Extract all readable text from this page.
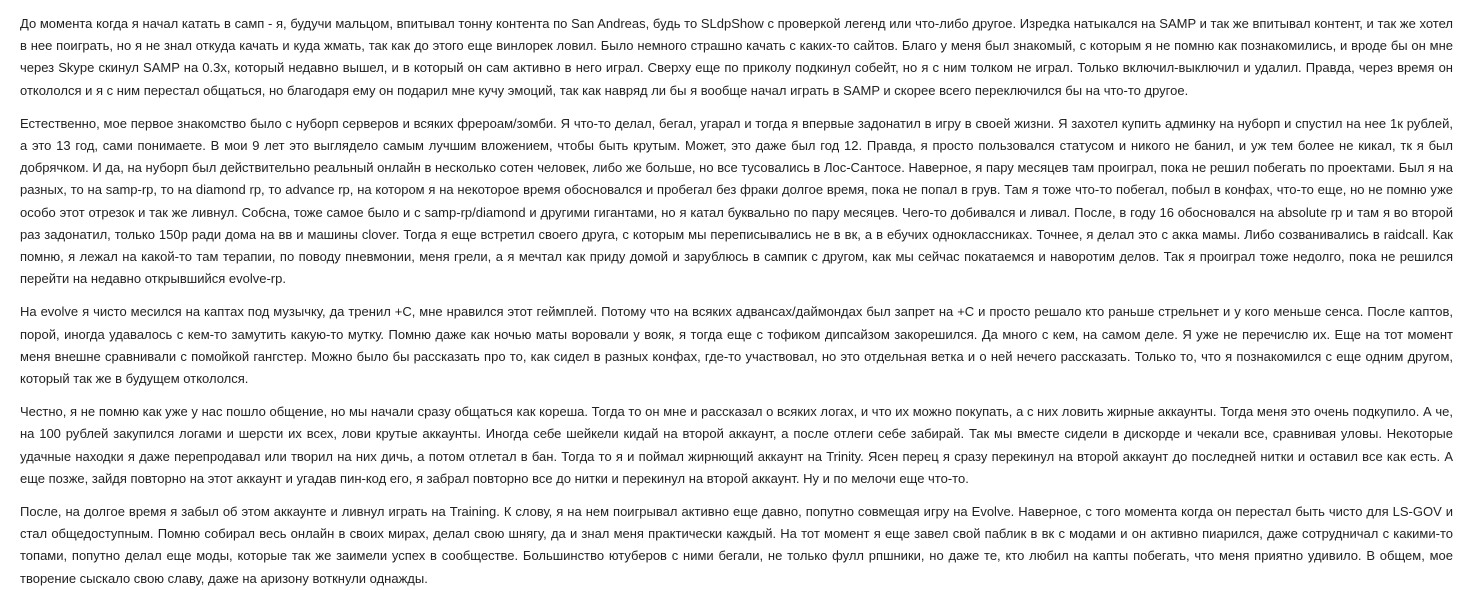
До момента когда я начал катать в самп - я, будучи мальцом, впитывал тонну контента по San Andreas, будь то SLdpShow с проверкой легенд или что-либо другое. Изредка натыкался на SAMP и так же впитывал контент, и так же хотел в нее поиграть, но я не знал откуда качать и куда жмать, так как до этого еще винлорек ловил. Было немного страшно качать с каких-то сайтов. Благо у меня был знакомый, с которым я не помню как познакомились, и вроде бы он мне через Skype скинул SAMP на 0.3x, который недавно вышел, и в который он сам активно в него играл. Сверху еще по приколу подкинул собейт, но я с ним толком не играл. Только включил-выключил и удалил. Правда, через время он откололся и я с ним перестал общаться, но благодаря ему он подарил мне кучу эмоций, так как навряд ли бы я вообще начал играть в SAMP и скорее всего переключился бы на что-то другое.

Естественно, мое первое знакомство было с нуборп серверов и всяких фрероам/зомби. Я что-то делал, бегал, угарал и тогда я впервые задонатил в игру в своей жизни. Я захотел купить админку на нуборп и спустил на нее 1к рублей, а это 13 год, сами понимаете. В мои 9 лет это выглядело самым лучшим вложением, чтобы быть крутым. Может, это даже был год 12. Правда, я просто пользовался статусом и никого не банил, и уж тем более не кикал, тк я был добрячком. И да, на нуборп был действительно реальный онлайн в несколько сотен человек, либо же больше, но все тусовались в Лос-Сантосе. Наверное, я пару месяцев там проиграл, пока не решил побегать по проектами. Был я на разных, то на samp-rp, то на diamond rp, то advance rp, на котором я на некоторое время обосновался и пробегал без фраки долгое время, пока не попал в грув. Там я тоже что-то побегал, побыл в конфах, что-то еще, но не помню уже особо этот отрезок и так же ливнул. Собсна, тоже самое было и с samp-rp/diamond и другими гигантами, но я катал буквально по пару месяцев. Чего-то добивался и ливал. После, в году 16 обосновался на absolute rp и там я во второй раз задонатил, только 150р ради дома на вв и машины clover. Тогда я еще встретил своего друга, с которым мы переписывались не в вк, а в ебучих одноклассниках. Точнее, я делал это с акка мамы. Либо созванивались в raidcall. Как помню, я лежал на какой-то там терапии, по поводу пневмонии, меня грели, а я мечтал как приду домой и зарублюсь в сампик с другом, как мы сейчас покатаемся и наворотим делов. Так я проиграл тоже недолго, пока не решился перейти на недавно открывшийся evolve-rp.

На evolve я чисто месился на каптах под музычку, да тренил +С, мне нравился этот геймплей. Потому что на всяких адвансах/даймондах был запрет на +С и просто решало кто раньше стрельнет и у кого меньше сенса. После каптов, порой, иногда удавалось с кем-то замутить какую-то мутку. Помню даже как ночью маты воровали у вояк, я тогда еще с тофиком дипсайзом закорешился. Да много с кем, на самом деле. Я уже не перечислю их. Еще на тот момент меня внешне сравнивали с помойкой гангстер. Можно было бы рассказать про то, как сидел в разных конфах, где-то участвовал, но это отдельная ветка и о ней нечего рассказать. Только то, что я познакомился с еще одним другом, который так же в будущем откололся.

Честно, я не помню как уже у нас пошло общение, но мы начали сразу общаться как кореша. Тогда то он мне и рассказал о всяких логах, и что их можно покупать, а с них ловить жирные аккаунты. Тогда меня это очень подкупило. А че, на 100 рублей закупился логами и шерсти их всех, лови крутые аккаунты. Иногда себе шейкели кидай на второй аккаунт, а после отлеги себе забирай. Так мы вместе сидели в дискорде и чекали все, сравнивая уловы. Некоторые удачные находки я даже перепродавал или творил на них дичь, а потом отлетал в бан. Тогда то я и поймал жирнющий аккаунт на Trinity. Ясен перец я сразу перекинул на второй аккаунт до последней нитки и оставил все как есть. А еще позже, зайдя повторно на этот аккаунт и угадав пин-код его, я забрал повторно все до нитки и перекинул на второй аккаунт. Ну и по мелочи еще что-то.

После, на долгое время я забыл об этом аккаунте и ливнул играть на Training. К слову, я на нем поигрывал активно еще давно, попутно совмещая игру на Evolve. Наверное, с того момента когда он перестал быть чисто для LS-GOV и стал общедоступным. Помню собирал весь онлайн в своих мирах, делал свою шнягу, да и знал меня практически каждый. На тот момент я еще завел свой паблик в вк с модами и он активно пиарился, даже сотрудничал с какими-то топами, попутно делал еще моды, которые так же заимели успех в сообществе. Большинство ютуберов с ними бегали, не только фулл рпшники, но даже те, кто любил на капты побегать, что меня приятно удивило. В общем, мое творение сыскало свою славу, даже на аризону воткнули однажды.
